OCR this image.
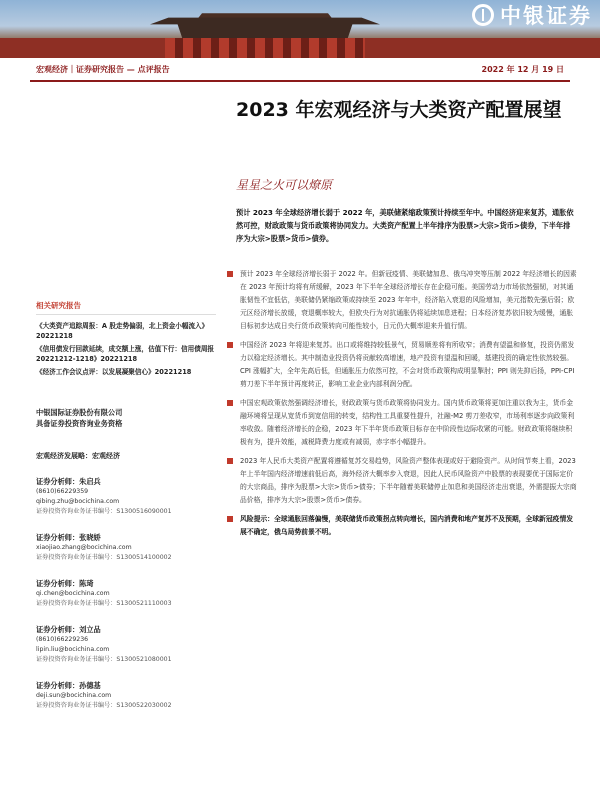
中银证券
宏观经济｜证券研究报告 — 点评报告	2022 年 12 月 19 日
2023 年宏观经济与大类资产配置展望
星星之火可以燎原
预计 2023 年全球经济增长弱于 2022 年，美联储紧缩政策预计持续至年中。中国经济迎来复苏，通胀依然可控，财政政策与货币政策将协同发力。大类资产配置上半年排序为股票>大宗>货币>债券，下半年排序为大宗>股票>货币>债券。
相关研究报告
《大类资产追踪周报：A 股走势偏弱，北上资金小幅流入》20221218
《信用债发行回款延续，成交额上涨，估值下行：信用债周报 20221212-1218》20221218
《经济工作会议点评：以发展凝聚信心》20221218
中银国际证券股份有限公司
具备证券投资咨询业务资格
宏观经济发展略：宏观经济
证券分析师：朱启兵
(8610)66229359
qibing.zhu@bocichina.com
证券投资咨询业务证书编号：S1300516090001
证券分析师：张晓娇
xiaojiao.zhang@bocichina.com
证券投资咨询业务证书编号：S1300514100002
证券分析师：陈琦
qi.chen@bocichina.com
证券投资咨询业务证书编号：S1300521110003
证券分析师：刘立品
(8610)66229236
lipin.liu@bocichina.com
证券投资咨询业务证书编号：S1300521080001
证券分析师：孙德基
deji.sun@bocichina.com
证券投资咨询业务证书编号：S1300522030002
预计 2023 年全球经济增长弱于 2022 年。但新冠疫情、美联储加息、俄乌冲突等压制 2022 年经济增长的因素在 2023 年预计均将有所缓解，2023 年下半年全球经济增长存在企稳可能。美国劳动力市场依然强韧，对其通胀韧性不宜低估，美联储仍紧缩政策或持续至 2023 年年中，经济陷入衰退的风险增加，美元指数先强后弱；欧元区经济增长放缓，衰退概率较大，但欧央行为对抗通胀仍将延续加息进程；日本经济复苏依旧较为缓慢，通胀目标初步达成日央行货币政策转向可能性较小，日元仍大概率迎来升值行情。
中国经济 2023 年将迎来复苏。出口或将维持较低景气，贸易顺差将有所收窄；消费有望温和修复，投资仍需发力以稳定经济增长。其中制造业投资仍将贡献较高增速，地产投资有望温和回暖，基建投资的确定性依然较强。CPI 涨幅扩大，全年先高后低，但通胀压力依然可控，不会对货币政策构成明显掣肘；PPI 则先抑后扬，PPI-CPI 剪刀差下半年预计再度转正，影响工业企业内部利润分配。
中国宏观政策依然强调经济增长，财政政策与货币政策将协同发力。国内货币政策将更加注重以我为主，货币金融环境将呈现从宽货币到宽信用的转变，结构性工具重要性提升，社融-M2 剪刀差收窄，市场利率逐步向政策利率收敛。随着经济增长的企稳，2023 年下半年货币政策目标存在中阶段性边际收紧的可能。财政政策将继续积极有为，提升效能，减税降费力度或有减弱，赤字率小幅提升。
2023 年人民币大类资产配置将遵循复苏交易趋势，风险资产整体表现或好于避险资产。从时间节奏上看，2023 年上半年国内经济增速前低后高，海外经济大概率步入衰退，因此人民币风险资产中股票的表现要优于国际定价的大宗商品，排序为股票>大宗>货币>债券；下半年随着美联储停止加息和美国经济走出衰退，外需提振大宗商品价格，排序为大宗>股票>货币>债券。
风险提示：全球通胀回落偏慢，美联储货币政策拐点转向增长，国内消费和地产复苏不及预期，全球新冠疫情发展不确定，俄乌局势前景不明。
